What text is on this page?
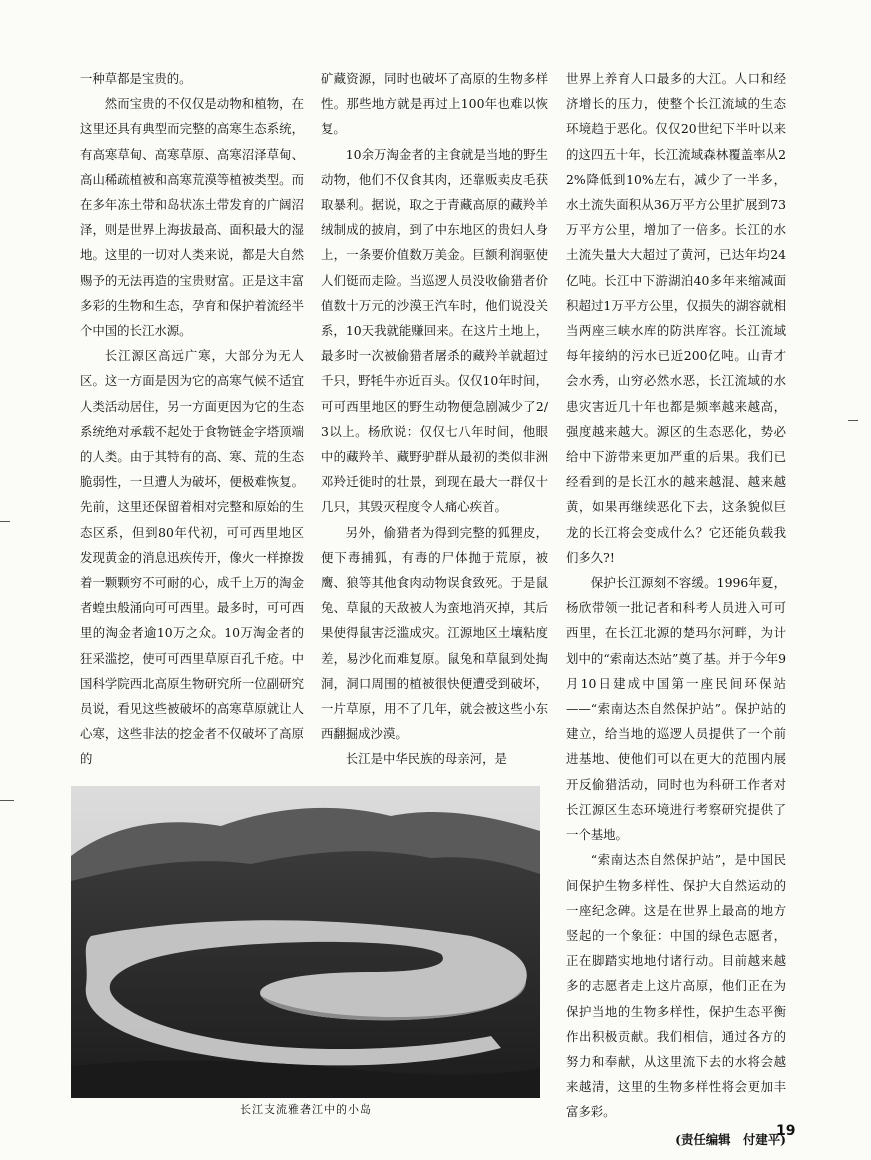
一种草都是宝贵的。

然而宝贵的不仅仅是动物和植物，在这里还具有典型而完整的高寒生态系统，有高寒草甸、高寒草原、高寒沼泽草甸、高山稀疏植被和高寒荒漠等植被类型。而在多年冻土带和岛状冻土带发育的广阔沼泽，则是世界上海拔最高、面积最大的湿地。这里的一切对人类来说，都是大自然赐予的无法再造的宝贵财富。正是这丰富多彩的生物和生态，孕育和保护着流经半个中国的长江水源。

长江源区高远广寒，大部分为无人区。这一方面是因为它的高寒气候不适宜人类活动居住，另一方面更因为它的生态系统绝对承载不起处于食物链金字塔顶端的人类。由于其特有的高、寒、荒的生态脆弱性，一旦遭人为破坏，便极难恢复。先前，这里还保留着相对完整和原始的生态区系，但到80年代初，可可西里地区发现黄金的消息迅疾传开，像火一样撩拨着一颗颗穷不可耐的心，成千上万的淘金者蝗虫般涌向可可西里。最多时，可可西里的淘金者逾10万之众。10万淘金者的狂采滥挖，使可可西里草原百孔千疮。中国科学院西北高原生物研究所一位副研究员说，看见这些被破坏的高寒草原就让人心寒，这些非法的挖金者不仅破坏了高原的

矿藏资源，同时也破坏了高原的生物多样性。那些地方就是再过上100年也难以恢复。

10余万淘金者的主食就是当地的野生动物，他们不仅食其肉，还靠贩卖皮毛获取暴利。据说，取之于青藏高原的藏羚羊绒制成的披肩，到了中东地区的贵妇人身上，一条要价值数万美金。巨额利润驱使人们铤而走险。当巡逻人员没收偷猎者价值数十万元的沙漠王汽车时，他们说没关系，10天我就能赚回来。在这片土地上，最多时一次被偷猎者屠杀的藏羚羊就超过千只，野牦牛亦近百头。仅仅10年时间，可可西里地区的野生动物便急剧减少了2/3以上。杨欣说：仅仅七八年时间，他眼中的藏羚羊、藏野驴群从最初的类似非洲邓羚迁徙时的壮景，到现在最大一群仅十几只，其毁灭程度令人痛心疾首。

另外，偷猎者为得到完整的狐狸皮，便下毒捕狐，有毒的尸体抛于荒原，被鹰、狼等其他食肉动物误食致死。于是鼠兔、草鼠的天敌被人为蛮地消灭掉，其后果使得鼠害泛滥成灾。江源地区土壤粘度差，易沙化而难复原。鼠兔和草鼠到处掏洞，洞口周围的植被很快便遭受到破坏，一片草原，用不了几年，就会被这些小东西翻掘成沙漠。

长江是中华民族的母亲河，是

世界上养育人口最多的大江。人口和经济增长的压力，使整个长江流域的生态环境趋于恶化。仅仅20世纪下半叶以来的这四五十年，长江流域森林覆盖率从22%降低到10%左右，减少了一半多，水土流失面积从36万平方公里扩展到73万平方公里，增加了一倍多。长江的水土流失量大大超过了黄河，已达年均24亿吨。长江中下游湖泊40多年来缩减面积超过1万平方公里，仅损失的湖容就相当两座三峡水库的防洪库容。长江流域每年接纳的污水已近200亿吨。山青才会水秀，山穷必然水恶，长江流域的水患灾害近几十年也都是频率越来越高，强度越来越大。源区的生态恶化，势必给中下游带来更加严重的后果。我们已经看到的是长江水的越来越混、越来越黄，如果再继续恶化下去，这条貌似巨龙的长江将会变成什么？它还能负载我们多久?!

保护长江源刻不容缓。1996年夏，杨欣带领一批记者和科考人员进入可可西里，在长江北源的楚玛尔河畔，为计划中的“索南达杰站”奠了基。并于今年9月10日建成中国第一座民间环保站——“索南达杰自然保护站”。保护站的建立，给当地的巡逻人员提供了一个前进基地、使他们可以在更大的范围内展开反偷猎活动，同时也为科研工作者对长江源区生态环境进行考察研究提供了一个基地。

“索南达杰自然保护站”，是中国民间保护生物多样性、保护大自然运动的一座纪念碑。这是在世界上最高的地方竖起的一个象征：中国的绿色志愿者，正在脚踏实地地付诸行动。目前越来越多的志愿者走上这片高原，他们正在为保护当地的生物多样性，保护生态平衡作出积极贡献。我们相信，通过各方的努力和奉献，从这里流下去的水将会越来越清，这里的生物多样性将会更加丰富多彩。

(责任编辑　付建平)

长江支流雅砻江中的小岛
19
